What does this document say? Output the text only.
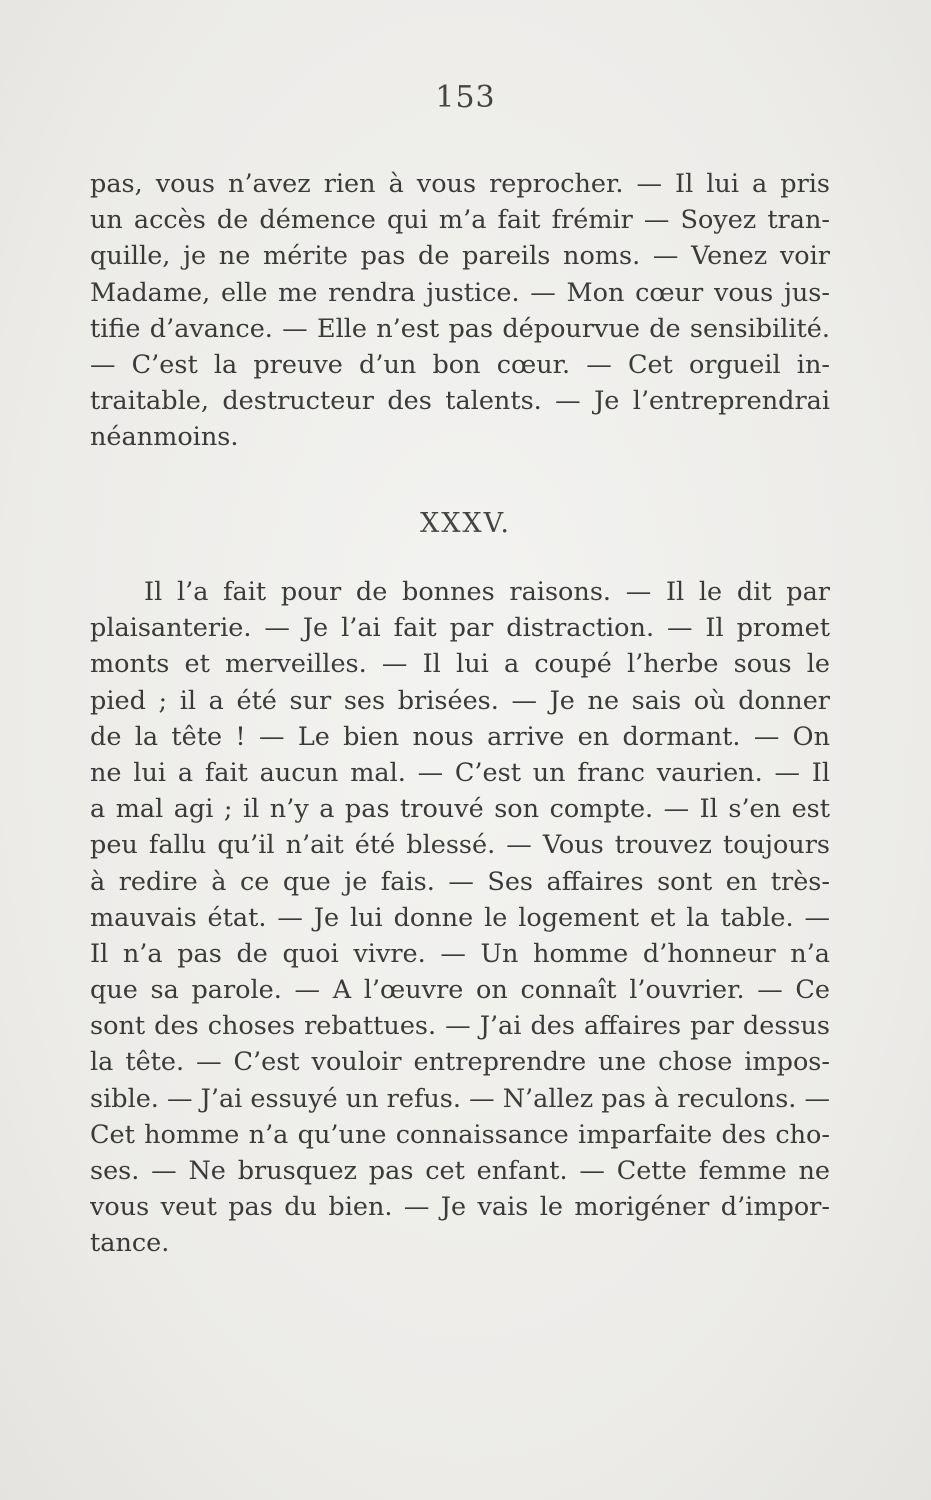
153
pas, vous n’avez rien à vous reprocher. — Il lui a pris
un accès de démence qui m’a fait frémir — Soyez tran-
quille, je ne mérite pas de pareils noms. — Venez voir
Madame, elle me rendra justice. — Mon cœur vous jus-
tifie d’avance. — Elle n’est pas dépourvue de sensibilité.
— C’est la preuve d’un bon cœur. — Cet orgueil in-
traitable, destructeur des talents. — Je l’entreprendrai
néanmoins.
XXXV.
Il l’a fait pour de bonnes raisons. — Il le dit par
plaisanterie. — Je l’ai fait par distraction. — Il promet
monts et merveilles. — Il lui a coupé l’herbe sous le
pied ; il a été sur ses brisées. — Je ne sais où donner
de la tête ! — Le bien nous arrive en dormant. — On
ne lui a fait aucun mal. — C’est un franc vaurien. — Il
a mal agi ; il n’y a pas trouvé son compte. — Il s’en est
peu fallu qu’il n’ait été blessé. — Vous trouvez toujours
à redire à ce que je fais. — Ses affaires sont en très-
mauvais état. — Je lui donne le logement et la table. —
Il n’a pas de quoi vivre. — Un homme d’honneur n’a
que sa parole. — A l’œuvre on connaît l’ouvrier. — Ce
sont des choses rebattues. — J’ai des affaires par dessus
la tête. — C’est vouloir entreprendre une chose impos-
sible. — J’ai essuyé un refus. — N’allez pas à reculons. —
Cet homme n’a qu’une connaissance imparfaite des cho-
ses. — Ne brusquez pas cet enfant. — Cette femme ne
vous veut pas du bien. — Je vais le morigéner d’impor-
tance.
